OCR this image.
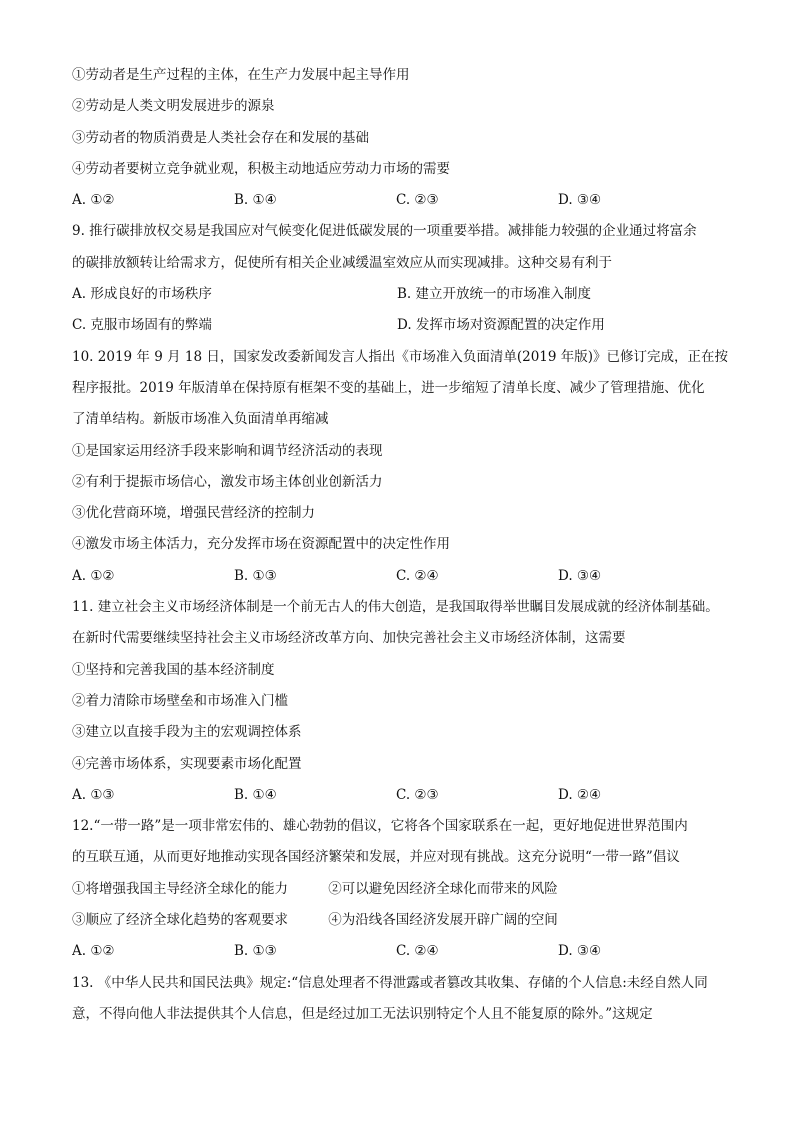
①劳动者是生产过程的主体，在生产力发展中起主导作用
②劳动是人类文明发展进步的源泉
③劳动者的物质消费是人类社会存在和发展的基础
④劳动者要树立竞争就业观，积极主动地适应劳动力市场的需要
A. ①②	B. ①④	C. ②③	D. ③④
9. 推行碳排放权交易是我国应对气候变化促进低碳发展的一项重要举措。减排能力较强的企业通过将富余
的碳排放额转让给需求方，促使所有相关企业减缓温室效应从而实现减排。这种交易有利于
A. 形成良好的市场秩序	B. 建立开放统一的市场准入制度
C. 克服市场固有的弊端	D. 发挥市场对资源配置的决定作用
10. 2019 年 9 月 18 日，国家发改委新闻发言人指出《市场准入负面清单(2019 年版)》已修订完成，正在按
程序报批。2019 年版清单在保持原有框架不变的基础上，进一步缩短了清单长度、减少了管理措施、优化
了清单结构。新版市场准入负面清单再缩减
①是国家运用经济手段来影响和调节经济活动的表现
②有利于提振市场信心，激发市场主体创业创新活力
③优化营商环境，增强民营经济的控制力
④激发市场主体活力，充分发挥市场在资源配置中的决定性作用
A. ①②	B. ①③	C. ②④	D. ③④
11. 建立社会主义市场经济体制是一个前无古人的伟大创造，是我国取得举世瞩目发展成就的经济体制基础。
在新时代需要继续坚持社会主义市场经济改革方向、加快完善社会主义市场经济体制，这需要
①坚持和完善我国的基本经济制度
②着力清除市场壁垒和市场准入门槛
③建立以直接手段为主的宏观调控体系
④完善市场体系，实现要素市场化配置
A. ①③	B. ①④	C. ②③	D. ②④
12.“一带一路”是一项非常宏伟的、雄心勃勃的倡议，它将各个国家联系在一起，更好地促进世界范围内
的互联互通，从而更好地推动实现各国经济繁荣和发展，并应对现有挑战。这充分说明“一带一路”倡议
①将增强我国主导经济全球化的能力	②可以避免因经济全球化而带来的风险
③顺应了经济全球化趋势的客观要求	④为沿线各国经济发展开辟广阔的空间
A. ①②	B. ①③	C. ②④	D. ③④
13. 《中华人民共和国民法典》规定:“信息处理者不得泄露或者篡改其收集、存储的个人信息:未经自然人同
意，不得向他人非法提供其个人信息，但是经过加工无法识别特定个人且不能复原的除外。”这规定
